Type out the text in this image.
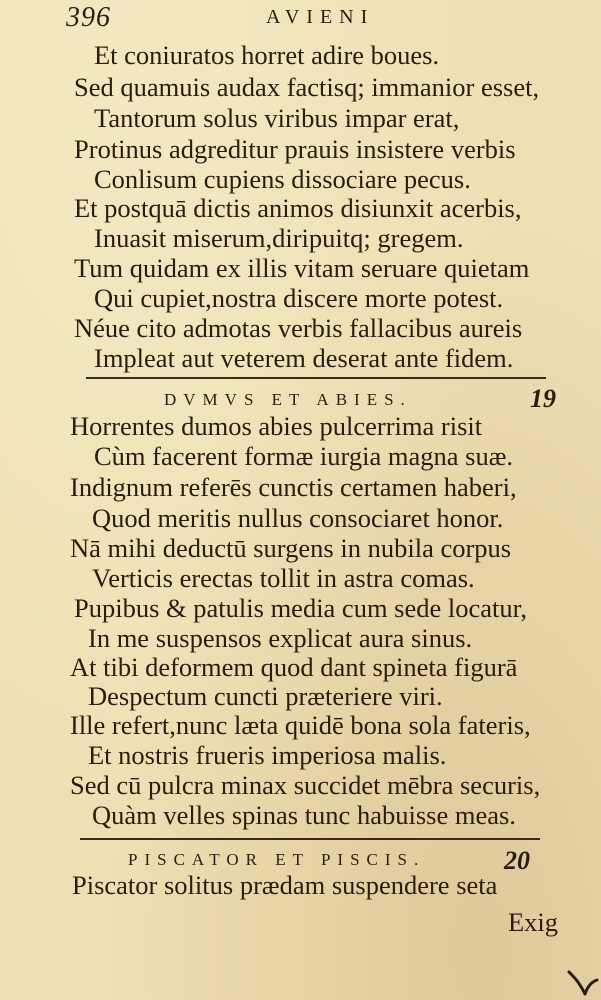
396	AVIENI
Et coniuratos horret adire boues.
Sed quamuis audax factisq; immanior esset,
Tantorum solus viribus impar erat,
Protinus adgreditur prauis insistere verbis
Conlisum cupiens dissociare pecus.
Et postquā dictis animos disiunxit acerbis,
Inuasit miserum,diripuitq; gregem.
Tum quidam ex illis vitam seruare quietam
Qui cupiet,nostra discere morte potest.
Néue cito admotas verbis fallacibus aureis
Impleat aut veterem deserat ante fidem.
DVMVS ET ABIES.	19
Horrentes dumos abies pulcerrima risit
Cùm facerent formæ iurgia magna suæ.
Indignum referēs cunctis certamen haberi,
Quod meritis nullus consociaret honor.
Nā mihi deductū surgens in nubila corpus
Verticis erectas tollit in astra comas.
Pupibus & patulis media cum sede locatur,
In me suspensos explicat aura sinus.
At tibi deformem quod dant spineta figurā
Despectum cuncti præteriere viri.
Ille refert,nunc læta quidē bona sola fateris,
Et nostris frueris imperiosa malis.
Sed cū pulcra minax succidet mēbra securis,
Quàm velles spinas tunc habuisse meas.
PISCATOR ET PISCIS.	20
Piscator solitus prædam suspendere seta
Exig
